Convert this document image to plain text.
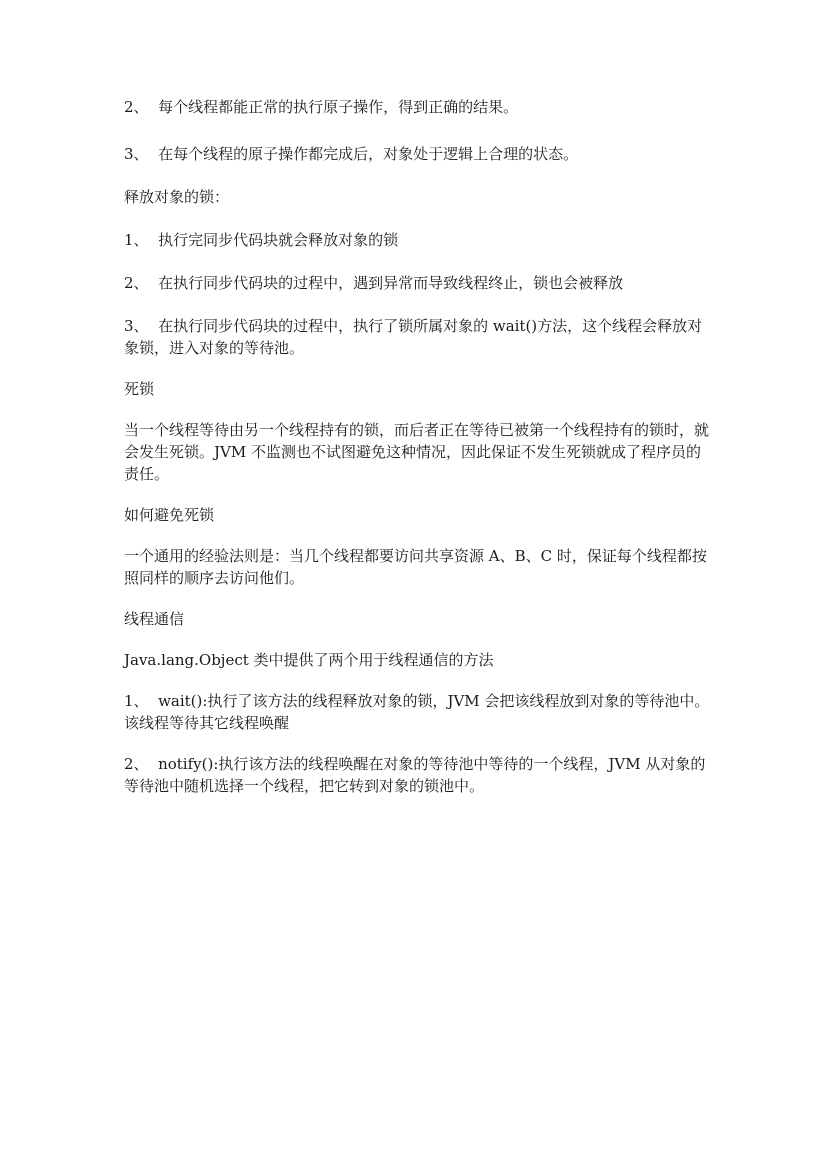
2、  每个线程都能正常的执行原子操作，得到正确的结果。

3、  在每个线程的原子操作都完成后，对象处于逻辑上合理的状态。

释放对象的锁：

1、  执行完同步代码块就会释放对象的锁

2、  在执行同步代码块的过程中，遇到异常而导致线程终止，锁也会被释放

3、  在执行同步代码块的过程中，执行了锁所属对象的 wait()方法，这个线程会释放对象锁，进入对象的等待池。

死锁

当一个线程等待由另一个线程持有的锁，而后者正在等待已被第一个线程持有的锁时，就会发生死锁。JVM 不监测也不试图避免这种情况，因此保证不发生死锁就成了程序员的责任。

如何避免死锁

一个通用的经验法则是：当几个线程都要访问共享资源 A、B、C 时，保证每个线程都按照同样的顺序去访问他们。

线程通信

Java.lang.Object 类中提供了两个用于线程通信的方法

1、  wait():执行了该方法的线程释放对象的锁，JVM 会把该线程放到对象的等待池中。该线程等待其它线程唤醒

2、  notify():执行该方法的线程唤醒在对象的等待池中等待的一个线程，JVM 从对象的等待池中随机选择一个线程，把它转到对象的锁池中。
